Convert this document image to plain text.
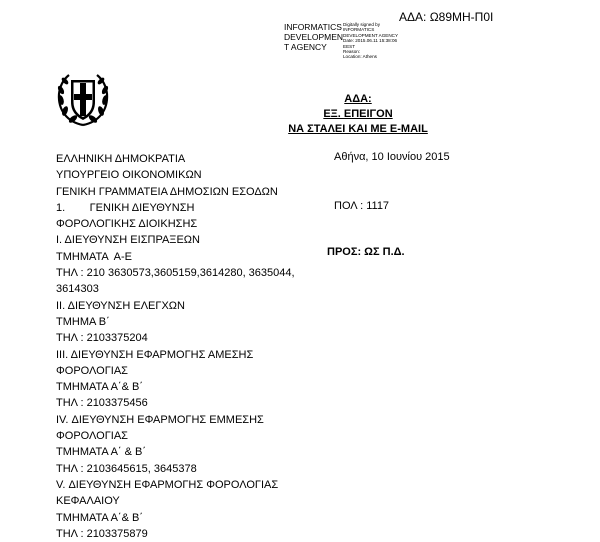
INFORMATICS
DEVELOPMEN
T AGENCY
Digitally signed by
INFORMATICS
DEVELOPMENT AGENCY
Date: 2015.06.11 15:38:06
EEST
Reason:
Location: Athens
ΑΔΑ: Ω89ΜΗ-Π0Ι
ΑΔΑ:
ΕΞ. ΕΠΕΙΓΟΝ
ΝΑ ΣΤΑΛΕΙ ΚΑΙ ΜΕ E-MAIL
Αθήνα, 10 Ιουνίου 2015
ΠΟΛ : 1117
ΠΡΟΣ: ΩΣ Π.Δ.
ΕΛΛΗΝΙΚΗ ΔΗΜΟΚΡΑΤΙΑ
ΥΠΟΥΡΓΕΙΟ ΟΙΚΟΝΟΜΙΚΩΝ
ΓΕΝΙΚΗ ΓΡΑΜΜΑΤΕΙΑ ΔΗΜΟΣΙΩΝ ΕΣΟΔΩΝ
1.        ΓΕΝΙΚΗ ΔΙΕΥΘΥΝΣΗ
ΦΟΡΟΛΟΓΙΚΗΣ ΔΙΟΙΚΗΣΗΣ
Ι. ΔΙΕΥΘΥΝΣΗ ΕΙΣΠΡΑΞΕΩΝ
ΤΜΗΜΑΤΑ  Α-Ε
ΤΗΛ : 210 3630573,3605159,3614280, 3635044,
3614303
ΙΙ. ΔΙΕΥΘΥΝΣΗ ΕΛΕΓΧΩΝ
ΤΜΗΜΑ Β΄
ΤΗΛ : 2103375204
ΙΙΙ. ΔΙΕΥΘΥΝΣΗ ΕΦΑΡΜΟΓΗΣ ΑΜΕΣΗΣ
ΦΟΡΟΛΟΓΙΑΣ
ΤΜΗΜΑΤΑ Α΄& Β΄
ΤΗΛ : 2103375456
ΙV. ΔΙΕΥΘΥΝΣΗ ΕΦΑΡΜΟΓΗΣ ΕΜΜΕΣΗΣ
ΦΟΡΟΛΟΓΙΑΣ
ΤΜΗΜΑΤΑ Α΄ & Β΄
ΤΗΛ : 2103645615, 3645378
V. ΔΙΕΥΘΥΝΣΗ ΕΦΑΡΜΟΓΗΣ ΦΟΡΟΛΟΓΙΑΣ
ΚΕΦΑΛΑΙΟΥ
ΤΜΗΜΑΤΑ Α΄& Β΄
ΤΗΛ : 2103375879
